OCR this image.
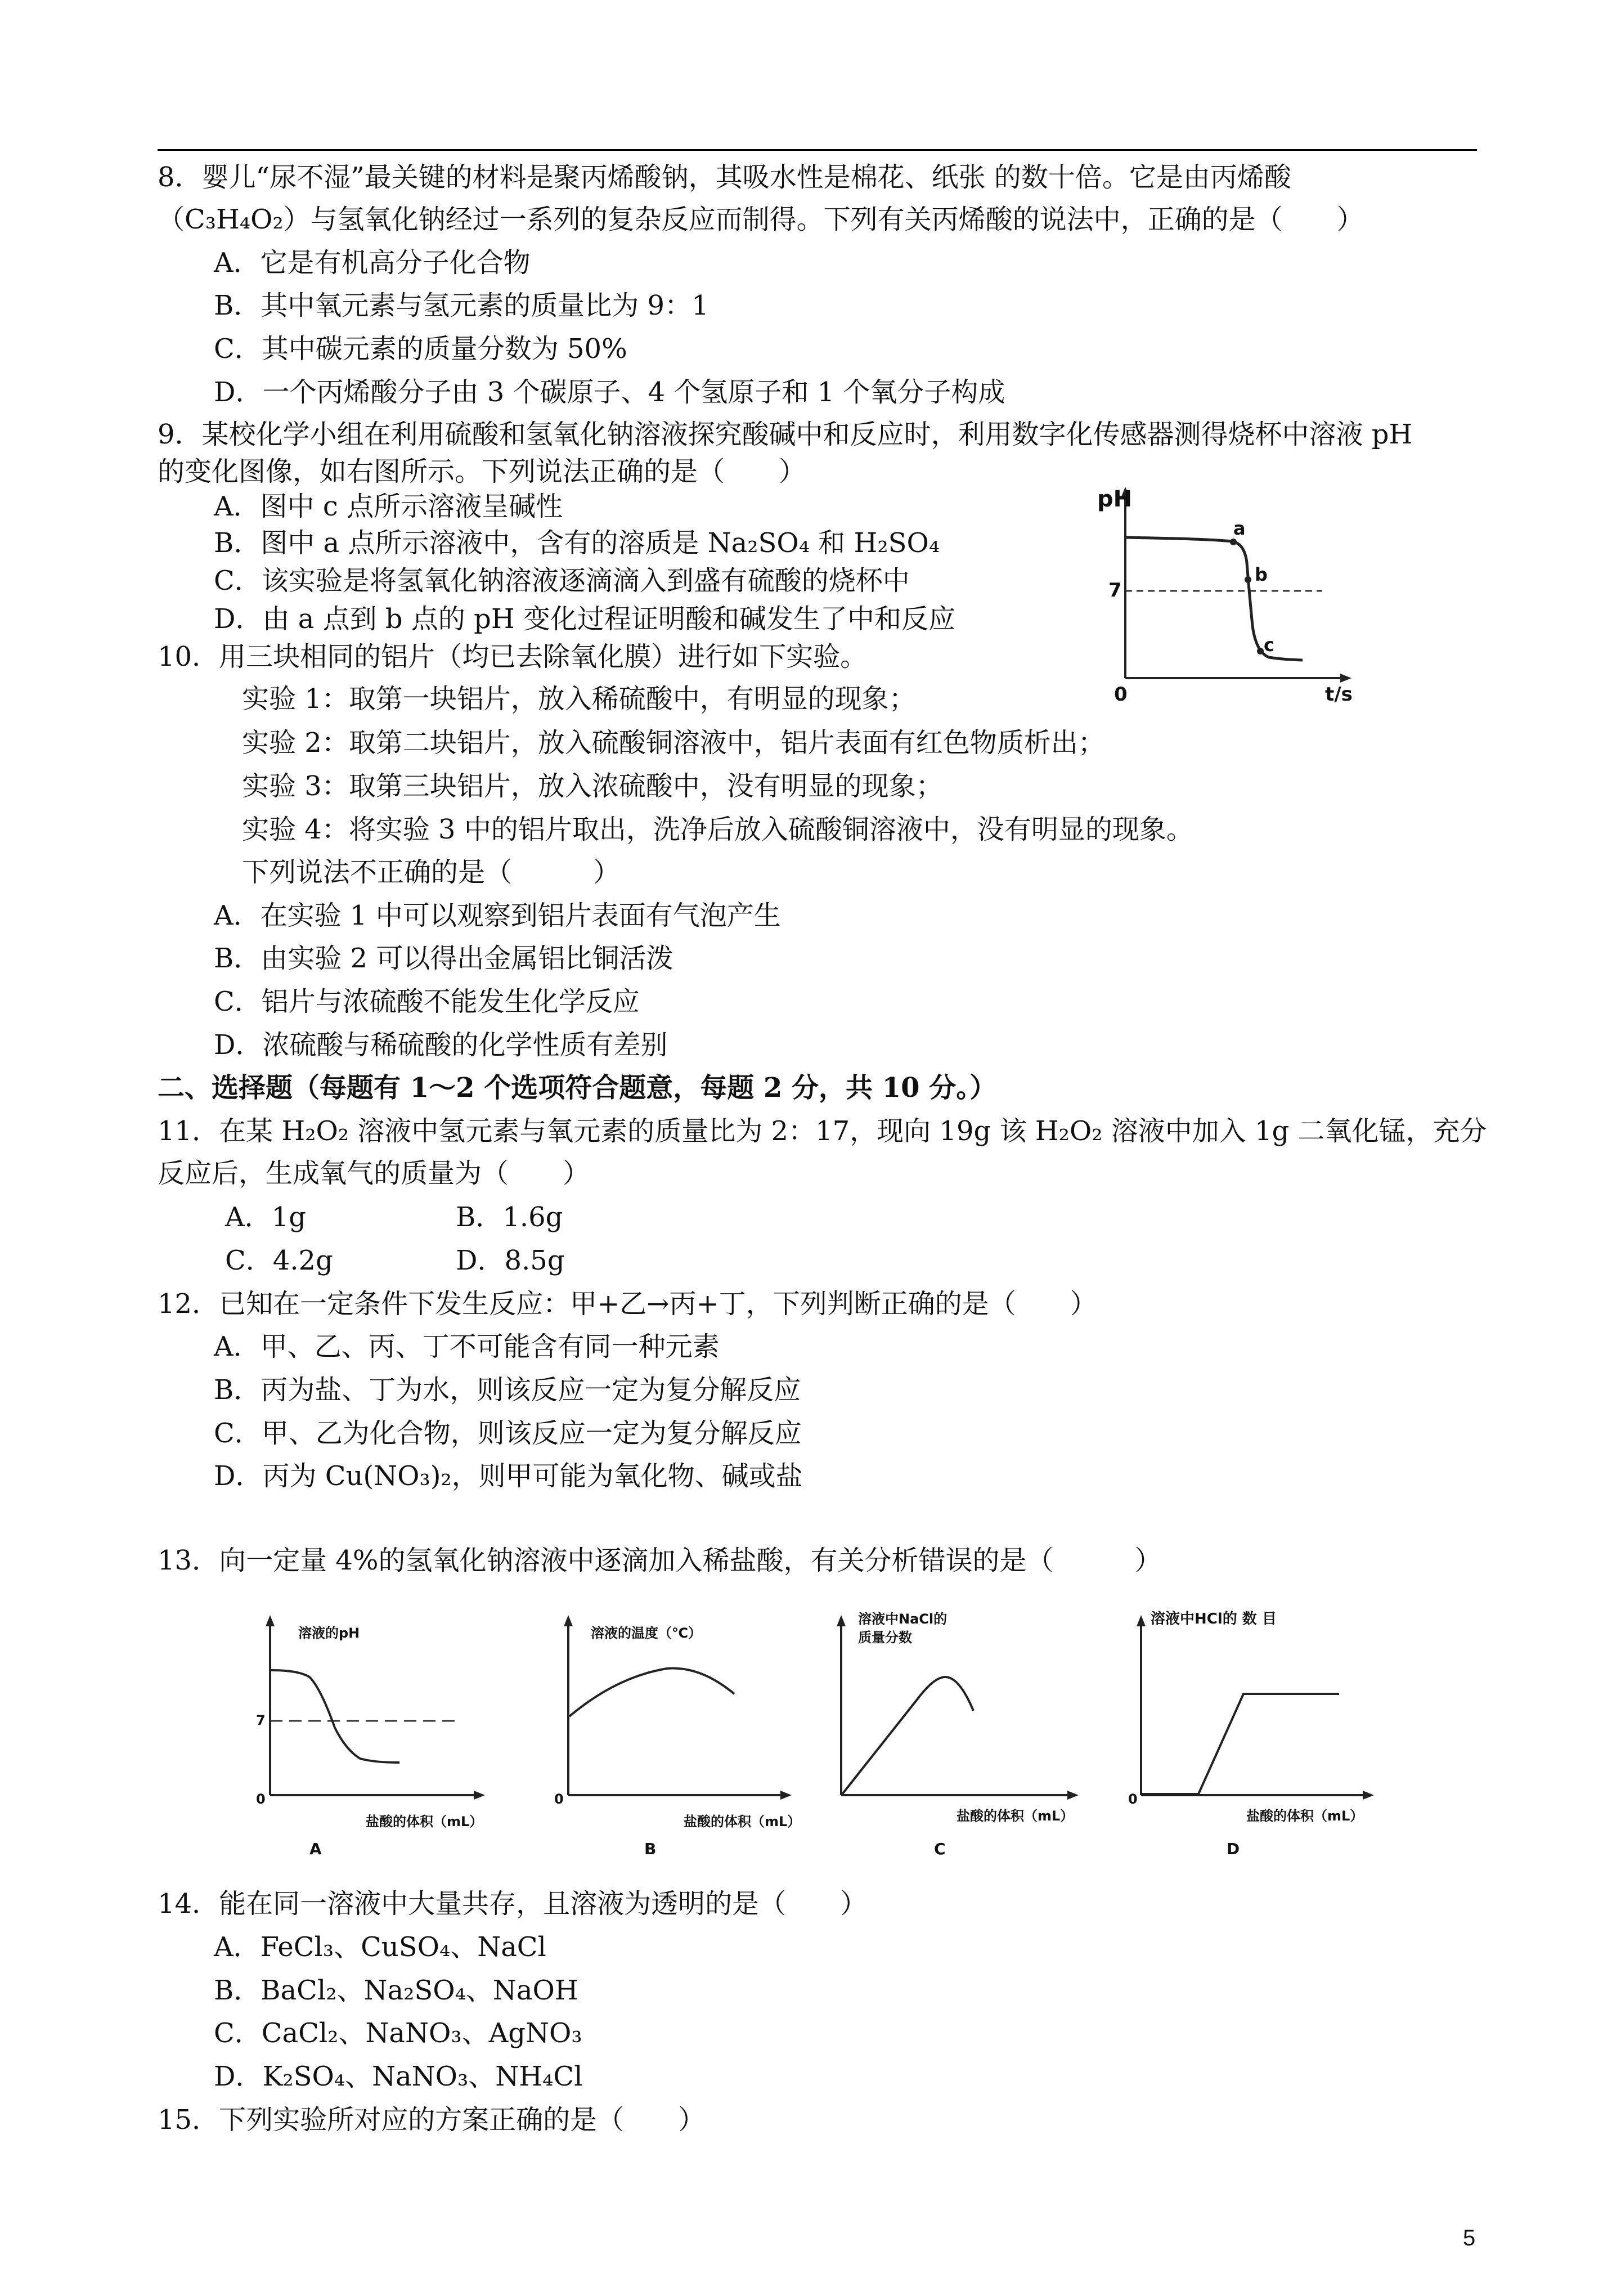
8．婴儿“尿不湿”最关键的材料是聚丙烯酸钠，其吸水性是棉花、纸张 的数十倍。它是由丙烯酸
（C₃H₄O₂）与氢氧化钠经过一系列的复杂反应而制得。下列有关丙烯酸的说法中，正确的是（　　）
A．它是有机高分子化合物
B．其中氧元素与氢元素的质量比为 9：1
C．其中碳元素的质量分数为 50%
D．一个丙烯酸分子由 3 个碳原子、4 个氢原子和 1 个氧分子构成
9．某校化学小组在利用硫酸和氢氧化钠溶液探究酸碱中和反应时，利用数字化传感器测得烧杯中溶液 pH
的变化图像，如右图所示。下列说法正确的是（　　）
A．图中 c 点所示溶液呈碱性
B．图中 a 点所示溶液中，含有的溶质是 Na₂SO₄ 和 H₂SO₄
C．该实验是将氢氧化钠溶液逐滴滴入到盛有硫酸的烧杯中
D．由 a 点到 b 点的 pH 变化过程证明酸和碱发生了中和反应
pH
t/s
0
7
a
b
c
10．用三块相同的铝片（均已去除氧化膜）进行如下实验。
实验 1：取第一块铝片，放入稀硫酸中，有明显的现象；
实验 2：取第二块铝片，放入硫酸铜溶液中，铝片表面有红色物质析出；
实验 3：取第三块铝片，放入浓硫酸中，没有明显的现象；
实验 4：将实验 3 中的铝片取出，洗净后放入硫酸铜溶液中，没有明显的现象。
下列说法不正确的是（　　　）
A．在实验 1 中可以观察到铝片表面有气泡产生
B．由实验 2 可以得出金属铝比铜活泼
C．铝片与浓硫酸不能发生化学反应
D．浓硫酸与稀硫酸的化学性质有差别
二、选择题（每题有 1～2 个选项符合题意，每题 2 分，共 10 分。）
11．在某 H₂O₂ 溶液中氢元素与氧元素的质量比为 2：17，现向 19g 该 H₂O₂ 溶液中加入 1g 二氧化锰，充分
反应后，生成氧气的质量为（　　）
A．1g	B．1.6g
C．4.2g	D．8.5g
12．已知在一定条件下发生反应：甲+乙→丙+丁，下列判断正确的是（　　）
A．甲、乙、丙、丁不可能含有同一种元素
B．丙为盐、丁为水，则该反应一定为复分解反应
C．甲、乙为化合物，则该反应一定为复分解反应
D．丙为 Cu(NO₃)₂，则甲可能为氧化物、碱或盐
13．向一定量 4%的氢氧化钠溶液中逐滴加入稀盐酸，有关分析错误的是（　　　）
溶液的pH
0
7
盐酸的体积（mL）
A
溶液的温度（℃）
0
盐酸的体积（mL）
B
溶液中NaCl的
质量分数
盐酸的体积（mL）
C
溶液中HCl的 数 目
0
盐酸的体积（mL）
D
14．能在同一溶液中大量共存，且溶液为透明的是（　　）
A．FeCl₃、CuSO₄、NaCl
B．BaCl₂、Na₂SO₄、NaOH
C．CaCl₂、NaNO₃、AgNO₃
D．K₂SO₄、NaNO₃、NH₄Cl
15．下列实验所对应的方案正确的是（　　）
5
